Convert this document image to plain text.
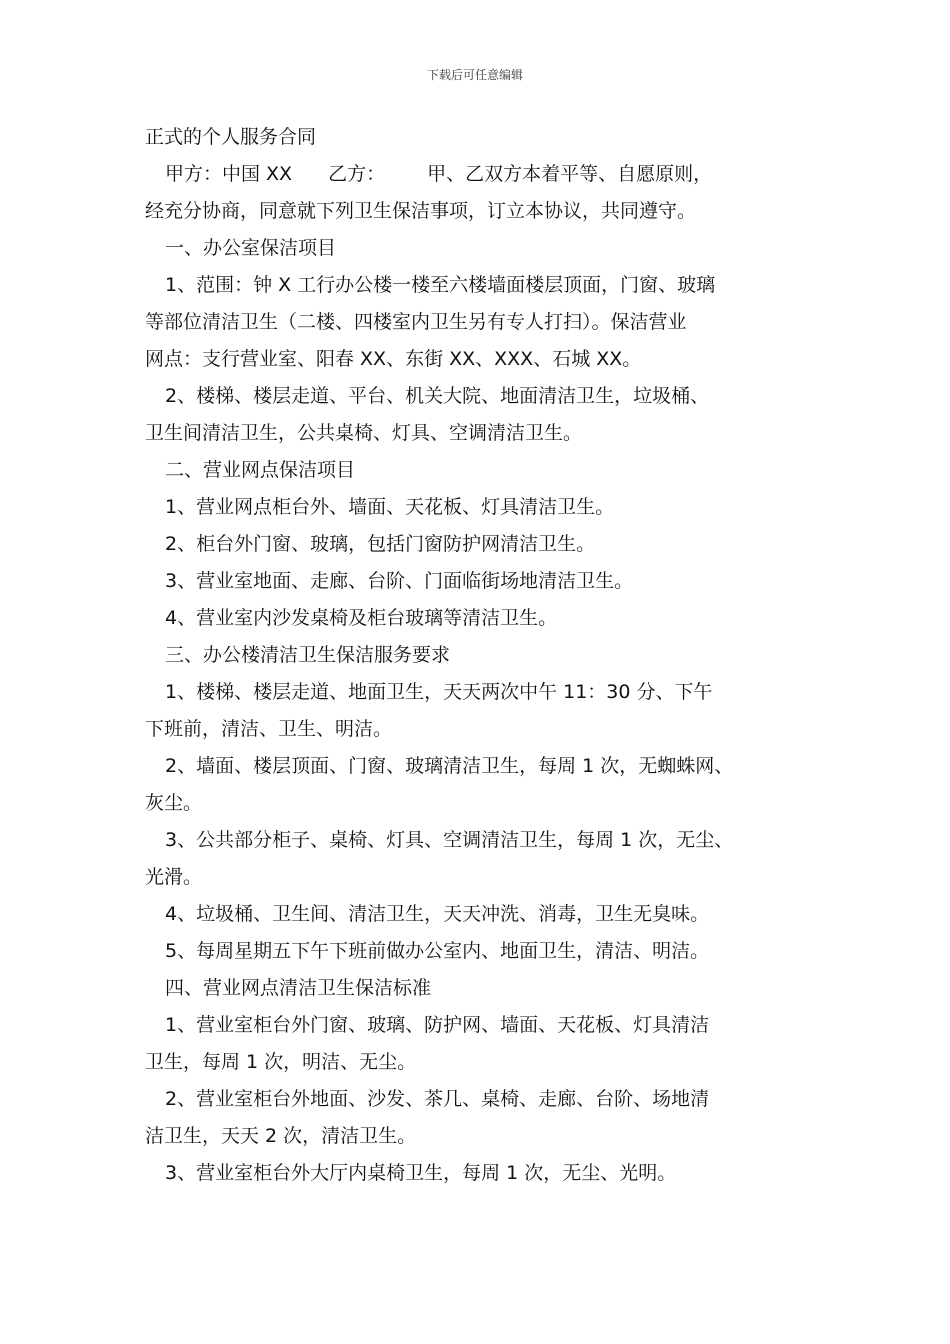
下载后可任意编辑

正式的个人服务合同

甲方：中国 XX 乙方： 甲、乙双方本着平等、自愿原则，

经充分协商，同意就下列卫生保洁事项，订立本协议，共同遵守。

一、办公室保洁项目

1、范围：钟 X 工行办公楼一楼至六楼墙面楼层顶面，门窗、玻璃

等部位清洁卫生（二楼、四楼室内卫生另有专人打扫）。保洁营业

网点：支行营业室、阳春 XX、东街 XX、XXX、石城 XX。

2、楼梯、楼层走道、平台、机关大院、地面清洁卫生，垃圾桶、

卫生间清洁卫生，公共桌椅、灯具、空调清洁卫生。

二、营业网点保洁项目

1、营业网点柜台外、墙面、天花板、灯具清洁卫生。

2、柜台外门窗、玻璃，包括门窗防护网清洁卫生。

3、营业室地面、走廊、台阶、门面临街场地清洁卫生。

4、营业室内沙发桌椅及柜台玻璃等清洁卫生。

三、办公楼清洁卫生保洁服务要求

1、楼梯、楼层走道、地面卫生，天天两次中午 11：30 分、下午

下班前，清洁、卫生、明洁。

2、墙面、楼层顶面、门窗、玻璃清洁卫生，每周 1 次，无蜘蛛网、

灰尘。

3、公共部分柜子、桌椅、灯具、空调清洁卫生，每周 1 次，无尘、

光滑。

4、垃圾桶、卫生间、清洁卫生，天天冲洗、消毒，卫生无臭味。

5、每周星期五下午下班前做办公室内、地面卫生，清洁、明洁。

四、营业网点清洁卫生保洁标准

1、营业室柜台外门窗、玻璃、防护网、墙面、天花板、灯具清洁

卫生，每周 1 次，明洁、无尘。

2、营业室柜台外地面、沙发、茶几、桌椅、走廊、台阶、场地清

洁卫生，天天 2 次，清洁卫生。

3、营业室柜台外大厅内桌椅卫生，每周 1 次，无尘、光明。
